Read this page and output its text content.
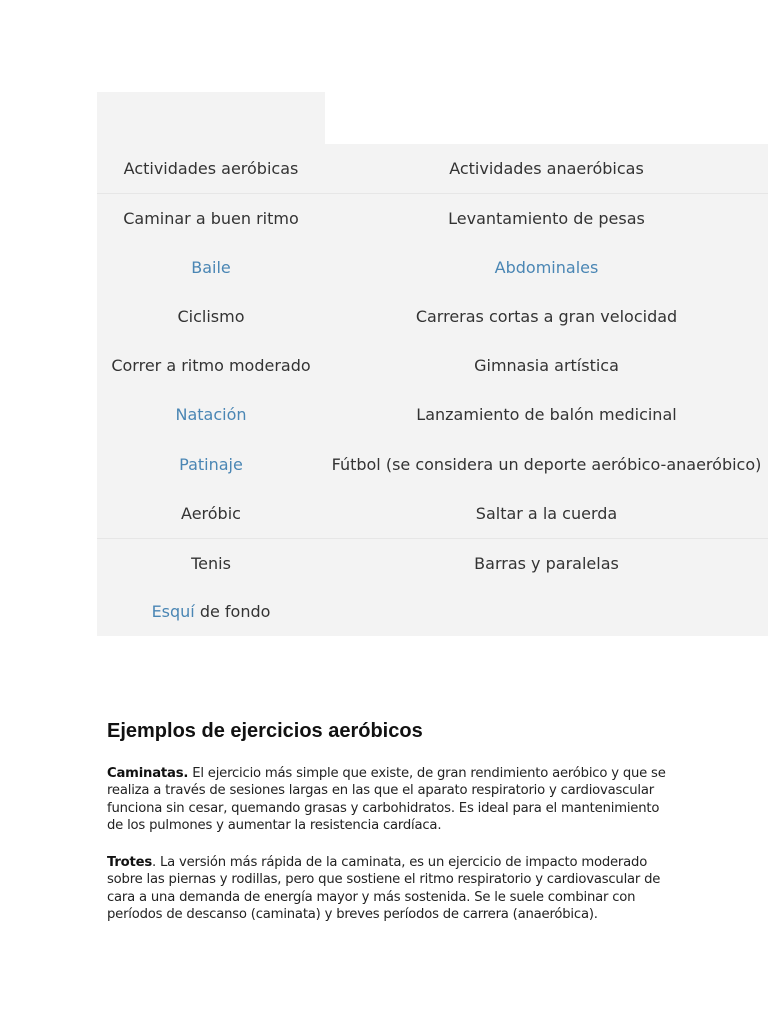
Actividades aeróbicas	Actividades anaeróbicas
Caminar a buen ritmo	Levantamiento de pesas
Baile	Abdominales
Ciclismo	Carreras cortas a gran velocidad
Correr a ritmo moderado	Gimnasia artística
Natación	Lanzamiento de balón medicinal
Patinaje	Fútbol (se considera un deporte aeróbico-anaeróbico)
Aeróbic	Saltar a la cuerda
Tenis	Barras y paralelas
Esquí de fondo
Ejemplos de ejercicios aeróbicos

Caminatas. El ejercicio más simple que existe, de gran rendimiento aeróbico y que se realiza a través de sesiones largas en las que el aparato respiratorio y cardiovascular funciona sin cesar, quemando grasas y carbohidratos. Es ideal para el mantenimiento de los pulmones y aumentar la resistencia cardíaca.

Trotes. La versión más rápida de la caminata, es un ejercicio de impacto moderado sobre las piernas y rodillas, pero que sostiene el ritmo respiratorio y cardiovascular de cara a una demanda de energía mayor y más sostenida. Se le suele combinar con períodos de descanso (caminata) y breves períodos de carrera (anaeróbica).
